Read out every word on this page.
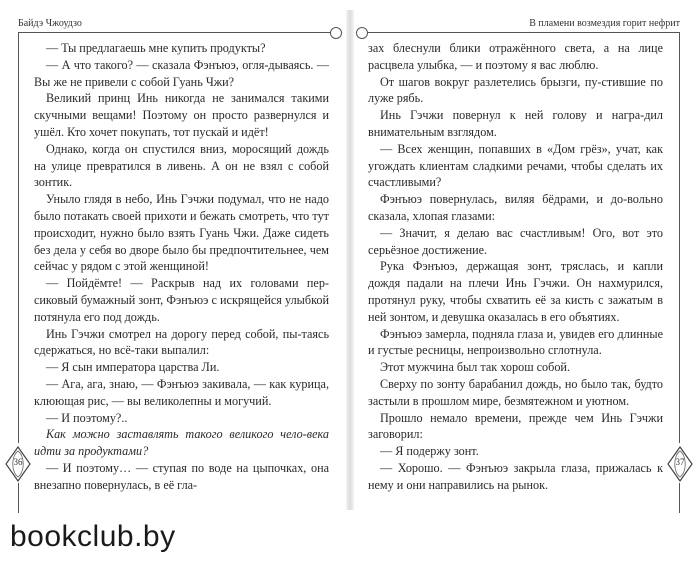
Байдэ Чжоудзо
36

— Ты предлагаешь мне купить продукты?

— А что такого? — сказала Фэнъюэ, огля-дываясь. — Вы же не привели с собой Гуань Чжи?

Великий принц Инь никогда не занимался такими скучными вещами! Поэтому он просто развернулся и ушёл. Кто хочет покупать, тот пускай и идёт!

Однако, когда он спустился вниз, моросящий дождь на улице превратился в ливень. А он не взял с собой зонтик.

Уныло глядя в небо, Инь Гэчжи подумал, что не надо было потакать своей прихоти и бежать смотреть, что тут происходит, нужно было взять Гуань Чжи. Даже сидеть без дела у себя во дворе было бы предпочтительнее, чем сейчас у рядом с этой женщиной!

— Пойдёмте! — Раскрыв над их головами пер-сиковый бумажный зонт, Фэнъюэ с искрящейся улыбкой потянула его под дождь.

Инь Гэчжи смотрел на дорогу перед собой, пы-таясь сдержаться, но всё-таки выпалил:

— Я сын императора царства Ли.

— Ага, ага, знаю, — Фэнъюэ закивала, — как курица, клюющая рис, — вы великолепны и могучий.

— И поэтому?..

Как можно заставлять такого великого чело-века идти за продуктами?

— И поэтому… — ступая по воде на цыпочках, она внезапно повернулась, в её гла-

В пламени возмездия горит нефрит
37

зах блеснули блики отражённого света, а на лице расцвела улыбка, — и поэтому я вас люблю.

От шагов вокруг разлетелись брызги, пу-стившие по луже рябь.

Инь Гэчжи повернул к ней голову и награ-дил внимательным взглядом.

— Всех женщин, попавших в «Дом грёз», учат, как угождать клиентам сладкими речами, чтобы сделать их счастливыми?

Фэнъюэ повернулась, виляя бёдрами, и до-вольно сказала, хлопая глазами:

— Значит, я делаю вас счастливым! Ого, вот это серьёзное достижение.

Рука Фэнъюэ, держащая зонт, тряслась, и капли дождя падали на плечи Инь Гэчжи. Он нахмурился, протянул руку, чтобы схватить её за кисть с зажатым в ней зонтом, и девушка оказалась в его объятиях.

Фэнъюэ замерла, подняла глаза и, увидев его длинные и густые ресницы, непроизвольно сглотнула.

Этот мужчина был так хорош собой.

Сверху по зонту барабанил дождь, но было так, будто застыли в прошлом мире, безмятежном и уютном.

Прошло немало времени, прежде чем Инь Гэчжи заговорил:

— Я подержу зонт.

— Хорошо. — Фэнъюэ закрыла глаза, прижалась к нему и они направились на рынок.

bookclub.by
